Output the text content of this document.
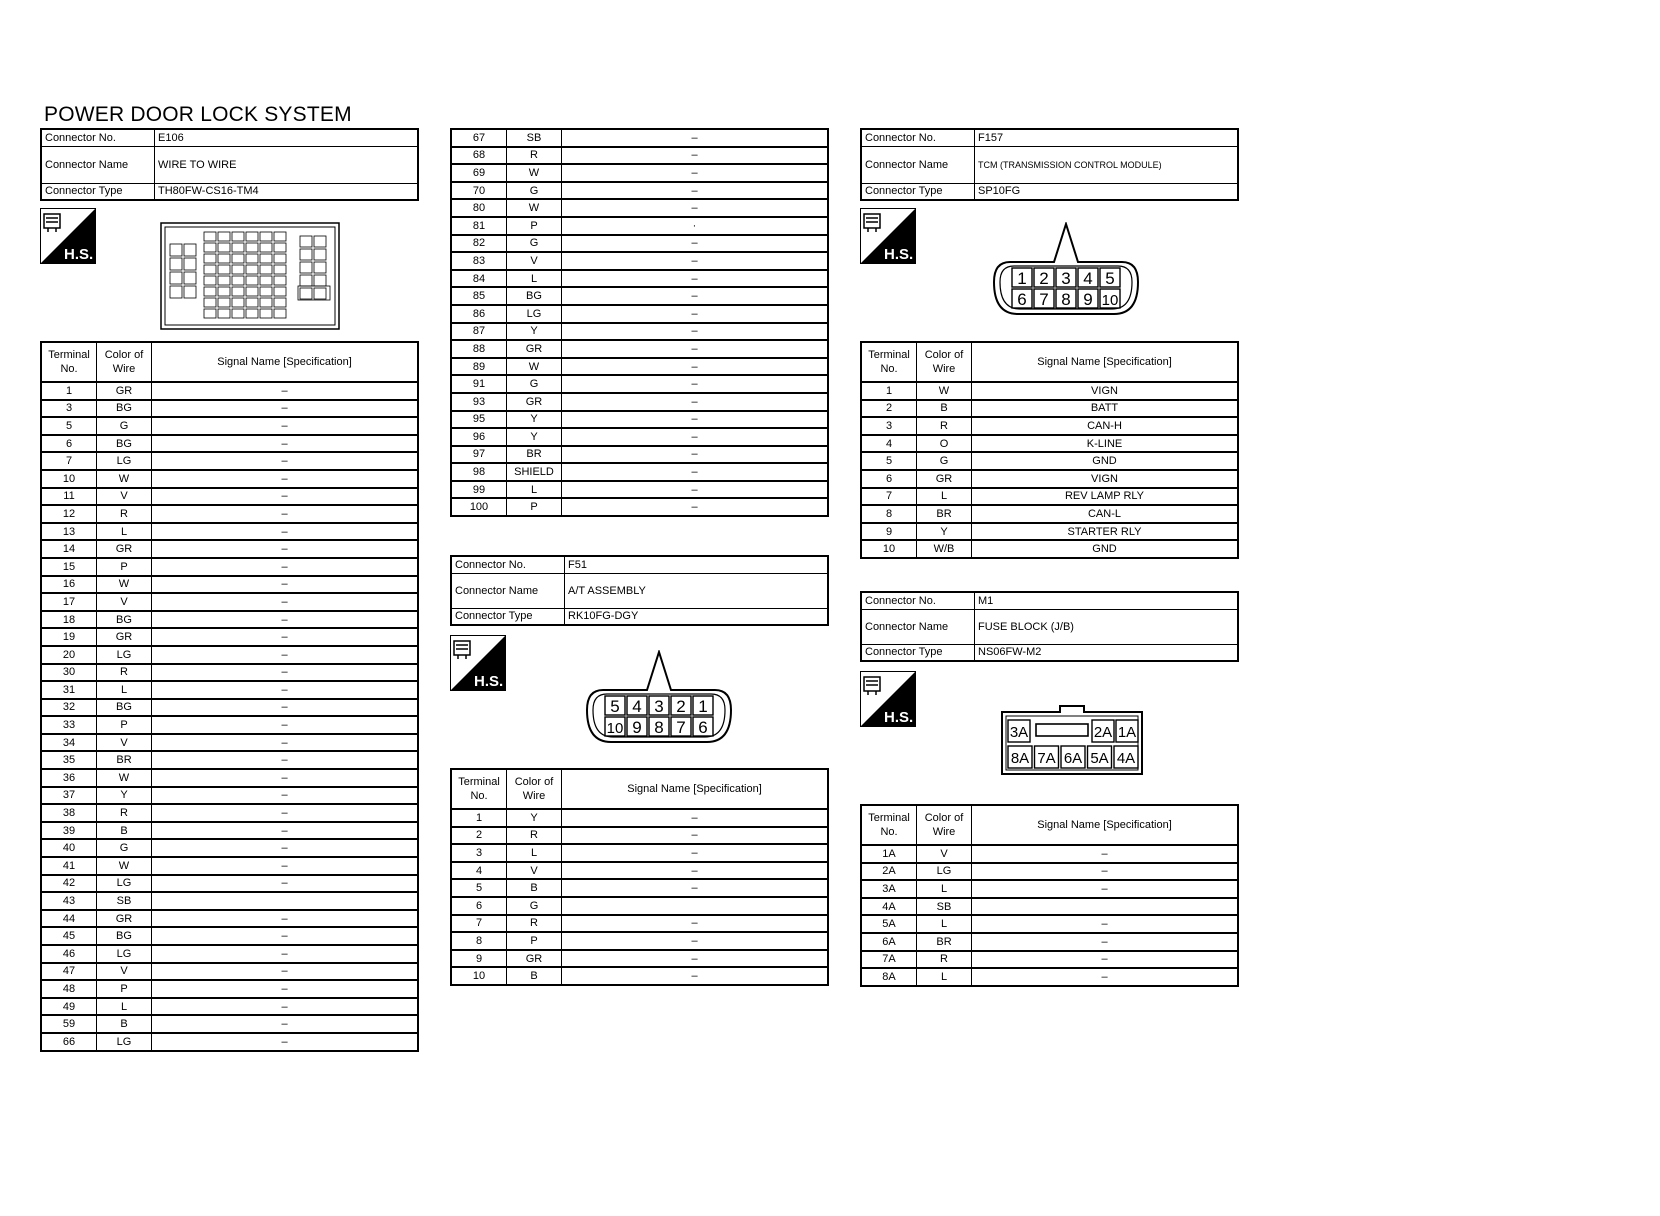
POWER DOOR LOCK SYSTEM
Connector No.	E106
Connector Name	WIRE TO WIRE
Connector Type	TH80FW-CS16-TM4
H.S.
Terminal No.	Color of Wire	Signal Name [Specification]
1	GR	–
3	BG	–
5	G	–
6	BG	–
7	LG	–
10	W	–
11	V	–
12	R	–
13	L	–
14	GR	–
15	P	–
16	W	–
17	V	–
18	BG	–
19	GR	–
20	LG	–
30	R	–
31	L	–
32	BG	–
33	P	–
34	V	–
35	BR	–
36	W	–
37	Y	–
38	R	–
39	B	–
40	G	–
41	W	–
42	LG	–
43	SB	
44	GR	–
45	BG	–
46	LG	–
47	V	–
48	P	–
49	L	–
59	B	–
66	LG	–
67	SB	–
68	R	–
69	W	–
70	G	–
80	W	–
81	P	·
82	G	–
83	V	–
84	L	–
85	BG	–
86	LG	–
87	Y	–
88	GR	–
89	W	–
91	G	–
93	GR	–
95	Y	–
96	Y	–
97	BR	–
98	SHIELD	–
99	L	–
100	P	–
Connector No.	F51
Connector Name	A/T ASSEMBLY
Connector Type	RK10FG-DGY
H.S.
5 4 3 2 1
10 9 8 7 6
Terminal No.	Color of Wire	Signal Name [Specification]
1	Y	–
2	R	–
3	L	–
4	V	–
5	B	–
6	G	
7	R	–
8	P	–
9	GR	–
10	B	–
Connector No.	F157
Connector Name	TCM (TRANSMISSION CONTROL MODULE)
Connector Type	SP10FG
H.S.
1 2 3 4 5
6 7 8 9 10
Terminal No.	Color of Wire	Signal Name [Specification]
1	W	VIGN
2	B	BATT
3	R	CAN-H
4	O	K-LINE
5	G	GND
6	GR	VIGN
7	L	REV LAMP RLY
8	BR	CAN-L
9	Y	STARTER RLY
10	W/B	GND
Connector No.	M1
Connector Name	FUSE BLOCK (J/B)
Connector Type	NS06FW-M2
H.S.
3A	2A 1A
8A 7A 6A 5A 4A
Terminal No.	Color of Wire	Signal Name [Specification]
1A	V	–
2A	LG	–
3A	L	–
4A	SB	
5A	L	–
6A	BR	–
7A	R	–
8A	L	–
